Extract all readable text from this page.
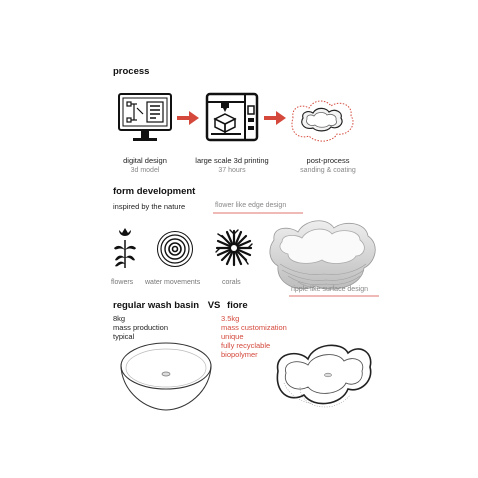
process
digital design
3d model
large scale 3d printing
37 hours
post-process
sanding & coating
form development
inspired by the nature	flower like edge design
flowers water movements	corals
ripple like surface design
regular wash basin VS fiore
8kg
mass production
typical
3.5kg
mass customization
unique
fully recyclable
biopolymer
